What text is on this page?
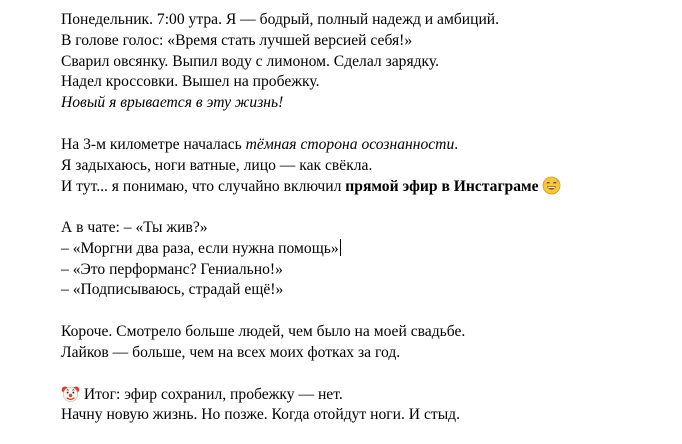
Понедельник. 7:00 утра. Я — бодрый, полный надежд и амбиций.
В голове голос: «Время стать лучшей версией себя!»
Сварил овсянку. Выпил воду с лимоном. Сделал зарядку.
Надел кроссовки. Вышел на пробежку.
Новый я врывается в эту жизнь!
На 3-м километре началась тёмная сторона осознанности.
Я задыхаюсь, ноги ватные, лицо — как свёкла.
И тут... я понимаю, что случайно включил прямой эфир в Инстаграме
А в чате: – «Ты жив?»
– «Моргни два раза, если нужна помощь»
– «Это перформанс? Гениально!»
– «Подписываюсь, страдай ещё!»
Короче. Смотрело больше людей, чем было на моей свадьбе.
Лайков — больше, чем на всех моих фотках за год.
Итог: эфир сохранил, пробежку — нет.
Начну новую жизнь. Но позже. Когда отойдут ноги. И стыд.
